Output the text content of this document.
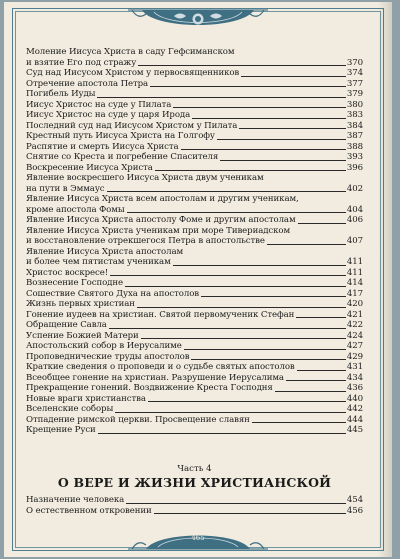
Моление Иисуса Христа в саду Гефсиманском
и взятие Его под стражу	370
Суд над Иисусом Христом у первосвященников	374
Отречение апостола Петра	377
Погибель Иуды	379
Иисус Христос на суде у Пилата	380
Иисус Христос на суде у царя Ирода	383
Последний суд над Иисусом Христом у Пилата	384
Крестный путь Иисуса Христа на Голгофу	387
Распятие и смерть Иисуса Христа	388
Снятие со Креста и погребение Спасителя	393
Воскресение Иисуса Христа	396
Явление воскресшего Иисуса Христа двум ученикам
на пути в Эммаус	402
Явление Иисуса Христа всем апостолам и другим ученикам,
кроме апостола Фомы	404
Явление Иисуса Христа апостолу Фоме и другим апостолам	406
Явление Иисуса Христа ученикам при море Тивериадском
и восстановление отрекшегося Петра в апостольстве	407
Явление Иисуса Христа апостолам
и более чем пятистам ученикам	411
Христос воскресе!	411
Вознесение Господне	414
Сошествие Святого Духа на апостолов	417
Жизнь первых христиан	420
Гонение иудеев на христиан. Святой первомученик Стефан	421
Обращение Савла	422
Успение Божией Матери	424
Апостольский собор в Иерусалиме	427
Проповеднические труды апостолов	429
Краткие сведения о проповеди и о судьбе святых апостолов	431
Всеобщее гонение на христиан. Разрушение Иерусалима	434
Прекращение гонений. Воздвижение Креста Господня	436
Новые враги христианства	440
Вселенские соборы	442
Отпадение римской церкви. Просвещение славян	444
Крещение Руси	445
Часть 4
О ВЕРЕ И ЖИЗНИ ХРИСТИАНСКОЙ
Назначение человека	454
О естественном откровении	456
465
